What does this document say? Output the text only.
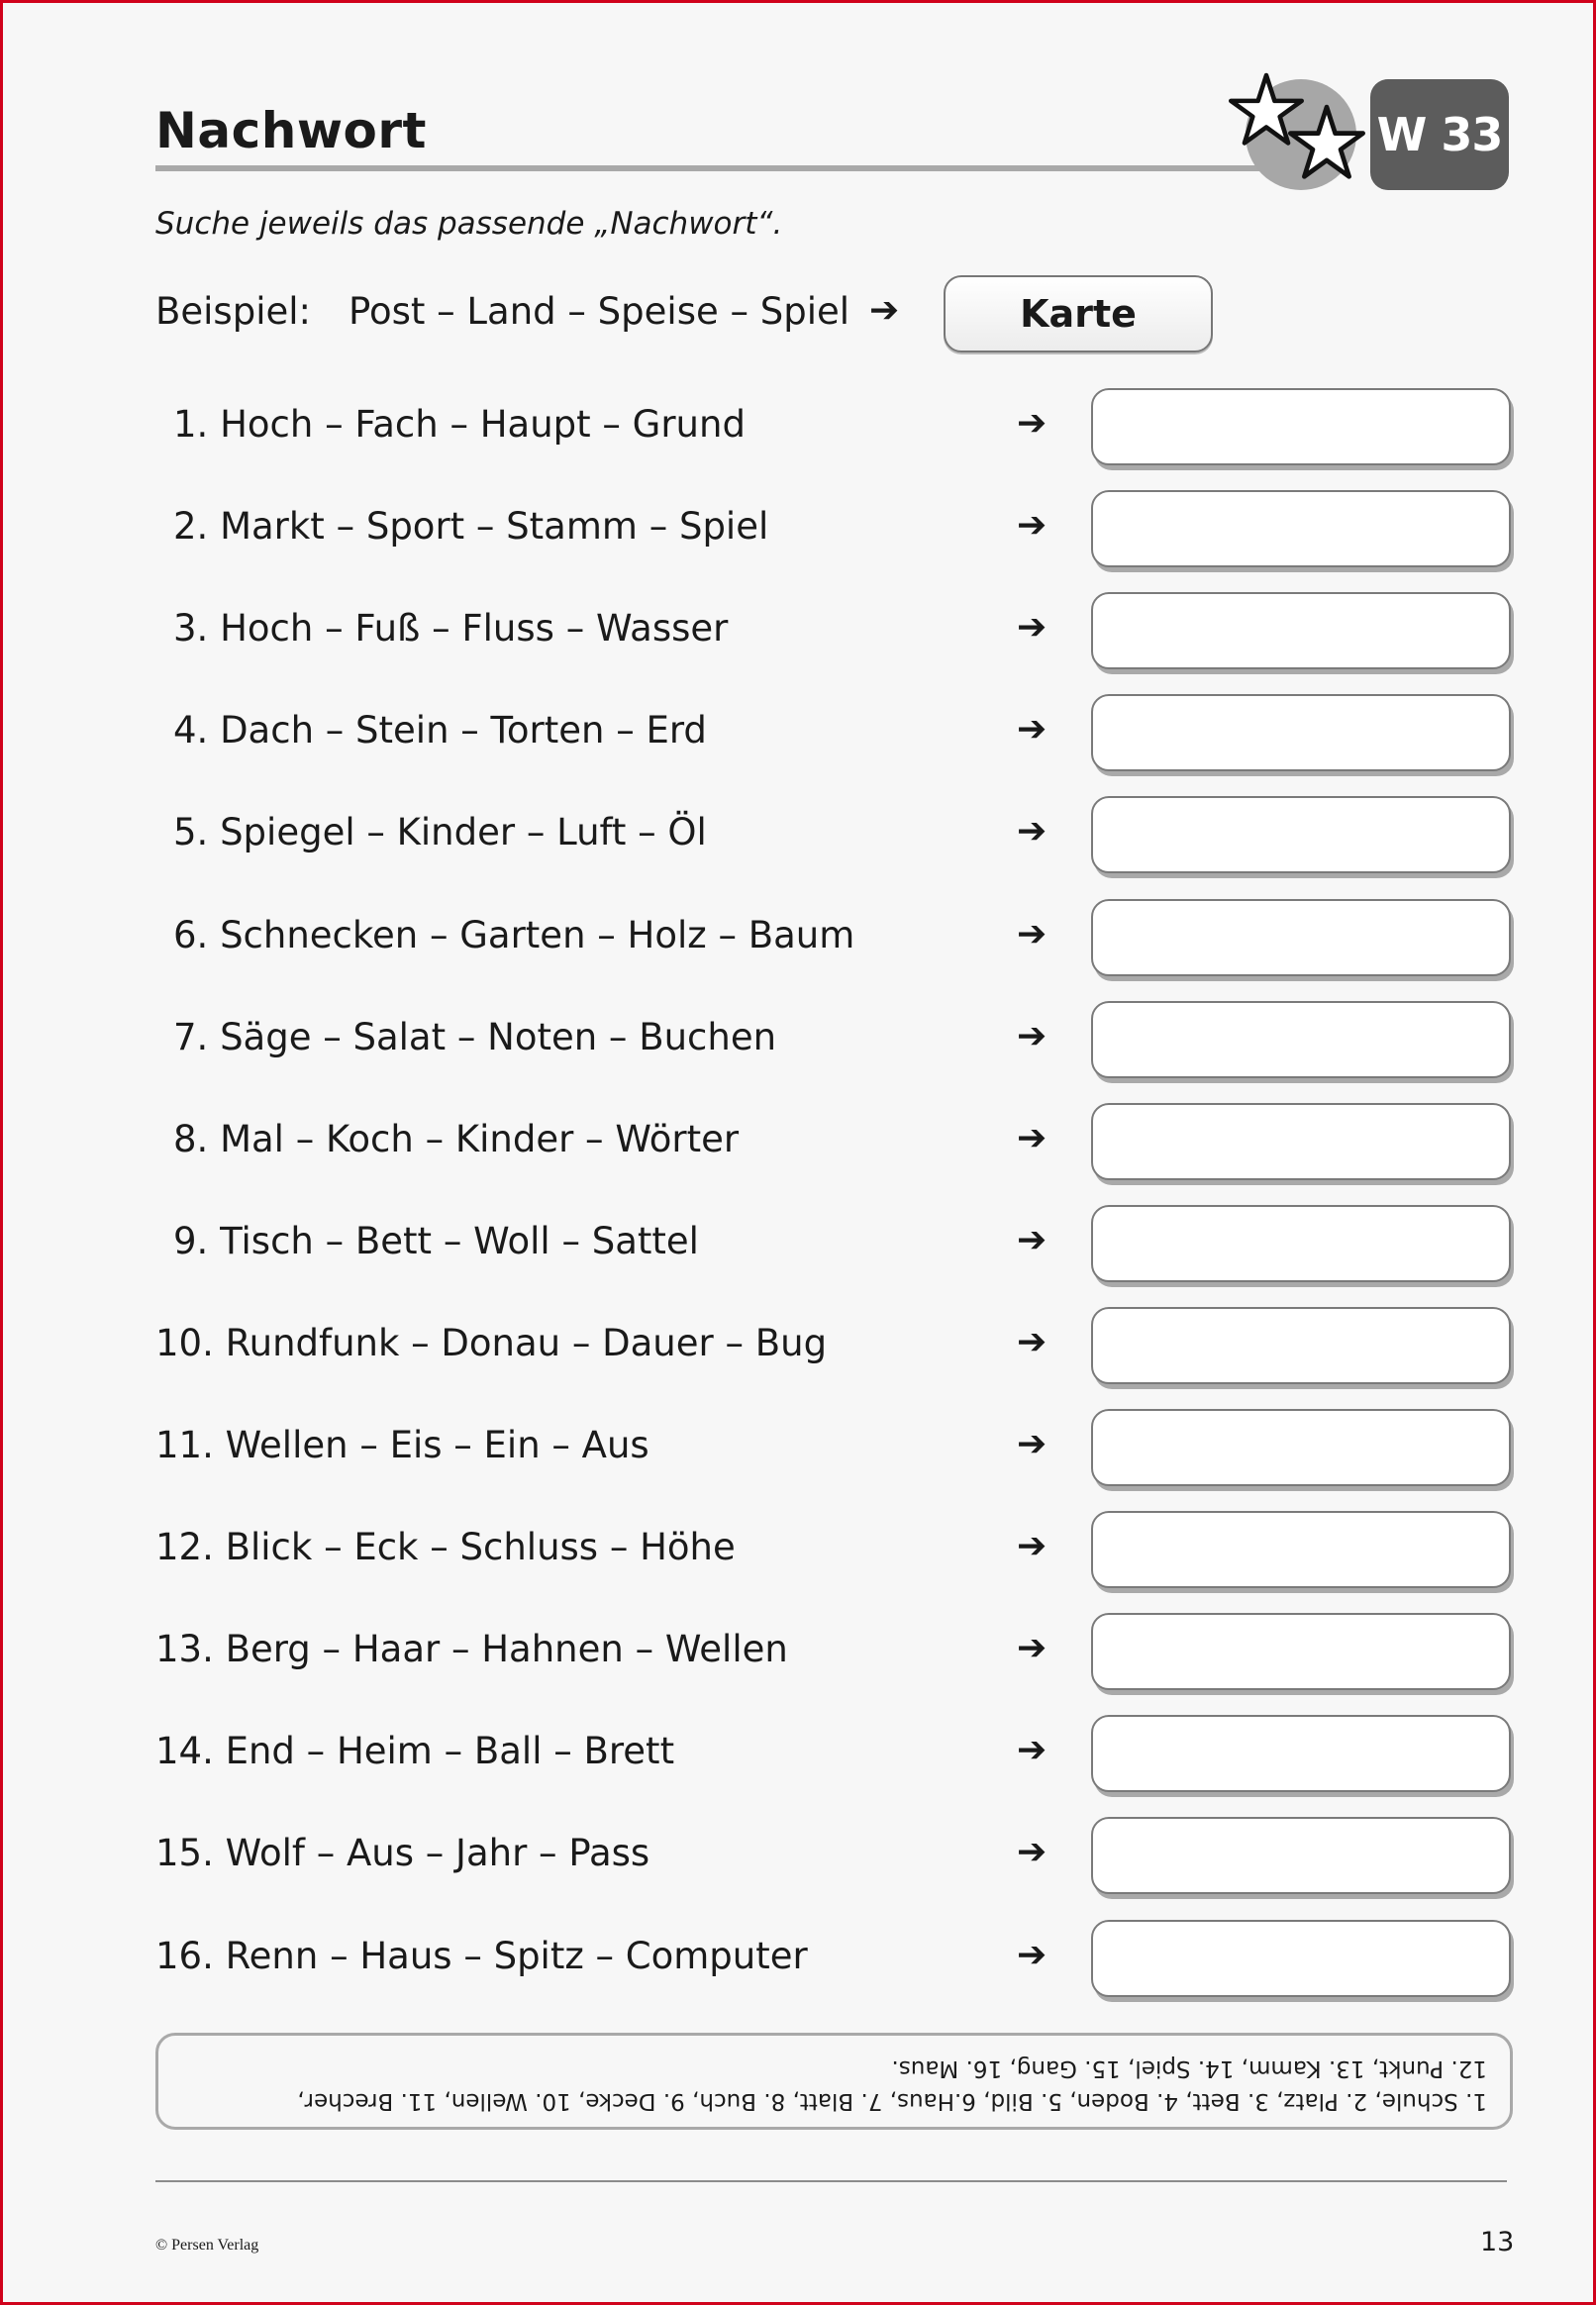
Nachwort	W 33
Suche jeweils das passende „Nachwort“.
Beispiel: Post – Land – Speise – Spiel ➔	Karte
1. Hoch – Fach – Haupt – Grund	➔
2. Markt – Sport – Stamm – Spiel	➔
3. Hoch – Fuß – Fluss – Wasser	➔
4. Dach – Stein – Torten – Erd	➔
5. Spiegel – Kinder – Luft – Öl	➔
6. Schnecken – Garten – Holz – Baum	➔
7. Säge – Salat – Noten – Buchen	➔
8. Mal – Koch – Kinder – Wörter	➔
9. Tisch – Bett – Woll – Sattel	➔
10. Rundfunk – Donau – Dauer – Bug	➔
11. Wellen – Eis – Ein – Aus	➔
12. Blick – Eck – Schluss – Höhe	➔
13. Berg – Haar – Hahnen – Wellen	➔
14. End – Heim – Ball – Brett	➔
15. Wolf – Aus – Jahr – Pass	➔
16. Renn – Haus – Spitz – Computer	➔
1. Schule, 2. Platz, 3. Bett, 4. Boden, 5. Bild, 6.Haus, 7. Blatt, 8. Buch, 9. Decke, 10. Wellen, 11. Brecher,
12. Punkt, 13. Kamm, 14. Spiel, 15. Gang, 16. Maus.
© Persen Verlag	13
